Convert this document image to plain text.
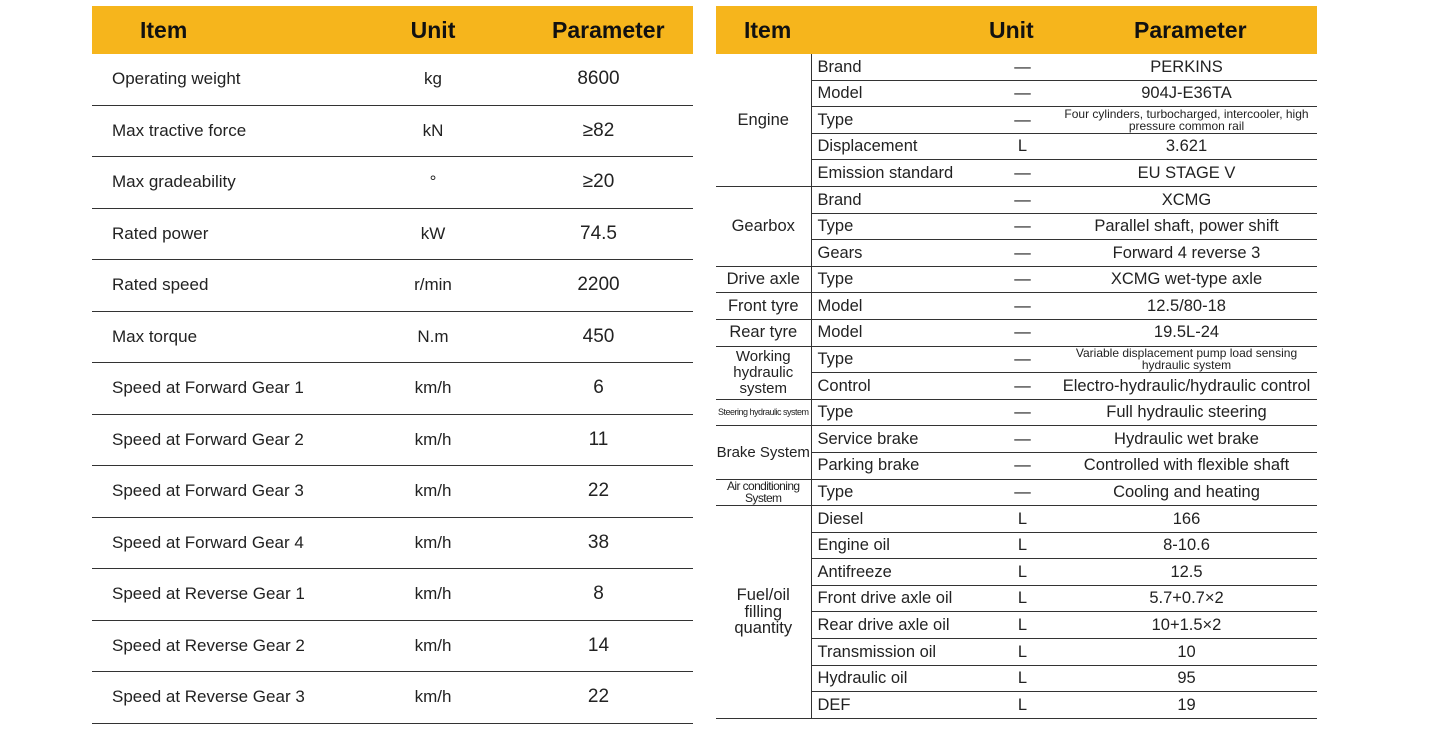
Item	Unit	Parameter
Operating weight	kg	8600
Max tractive force	kN	≥82
Max gradeability	°	≥20
Rated power	kW	74.5
Rated speed	r/min	2200
Max torque	N.m	450
Speed at Forward Gear 1	km/h	6
Speed at Forward Gear 2	km/h	11
Speed at Forward Gear 3	km/h	22
Speed at Forward Gear 4	km/h	38
Speed at Reverse Gear 1	km/h	8
Speed at Reverse Gear 2	km/h	14
Speed at Reverse Gear 3	km/h	22
Item		Unit	Parameter
Engine	Brand	—	PERKINS
	Model	—	904J-E36TA
	Type	—	Four cylinders, turbocharged, intercooler, high pressure common rail
	Displacement	L	3.621
	Emission standard	—	EU STAGE V
Gearbox	Brand	—	XCMG
	Type	—	Parallel shaft, power shift
	Gears	—	Forward 4 reverse 3
Drive axle	Type	—	XCMG wet-type axle
Front tyre	Model	—	12.5/80-18
Rear tyre	Model	—	19.5L-24
Working hydraulic system	Type	—	Variable displacement pump load sensing hydraulic system
	Control	—	Electro-hydraulic/hydraulic control
Steering hydraulic system	Type	—	Full hydraulic steering
Brake System	Service brake	—	Hydraulic wet brake
	Parking brake	—	Controlled with flexible shaft
Air conditioning System	Type	—	Cooling and heating
Fuel/oil filling quantity	Diesel	L	166
	Engine oil	L	8-10.6
	Antifreeze	L	12.5
	Front drive axle oil	L	5.7+0.7×2
	Rear drive axle oil	L	10+1.5×2
	Transmission oil	L	10
	Hydraulic oil	L	95
	DEF	L	19
